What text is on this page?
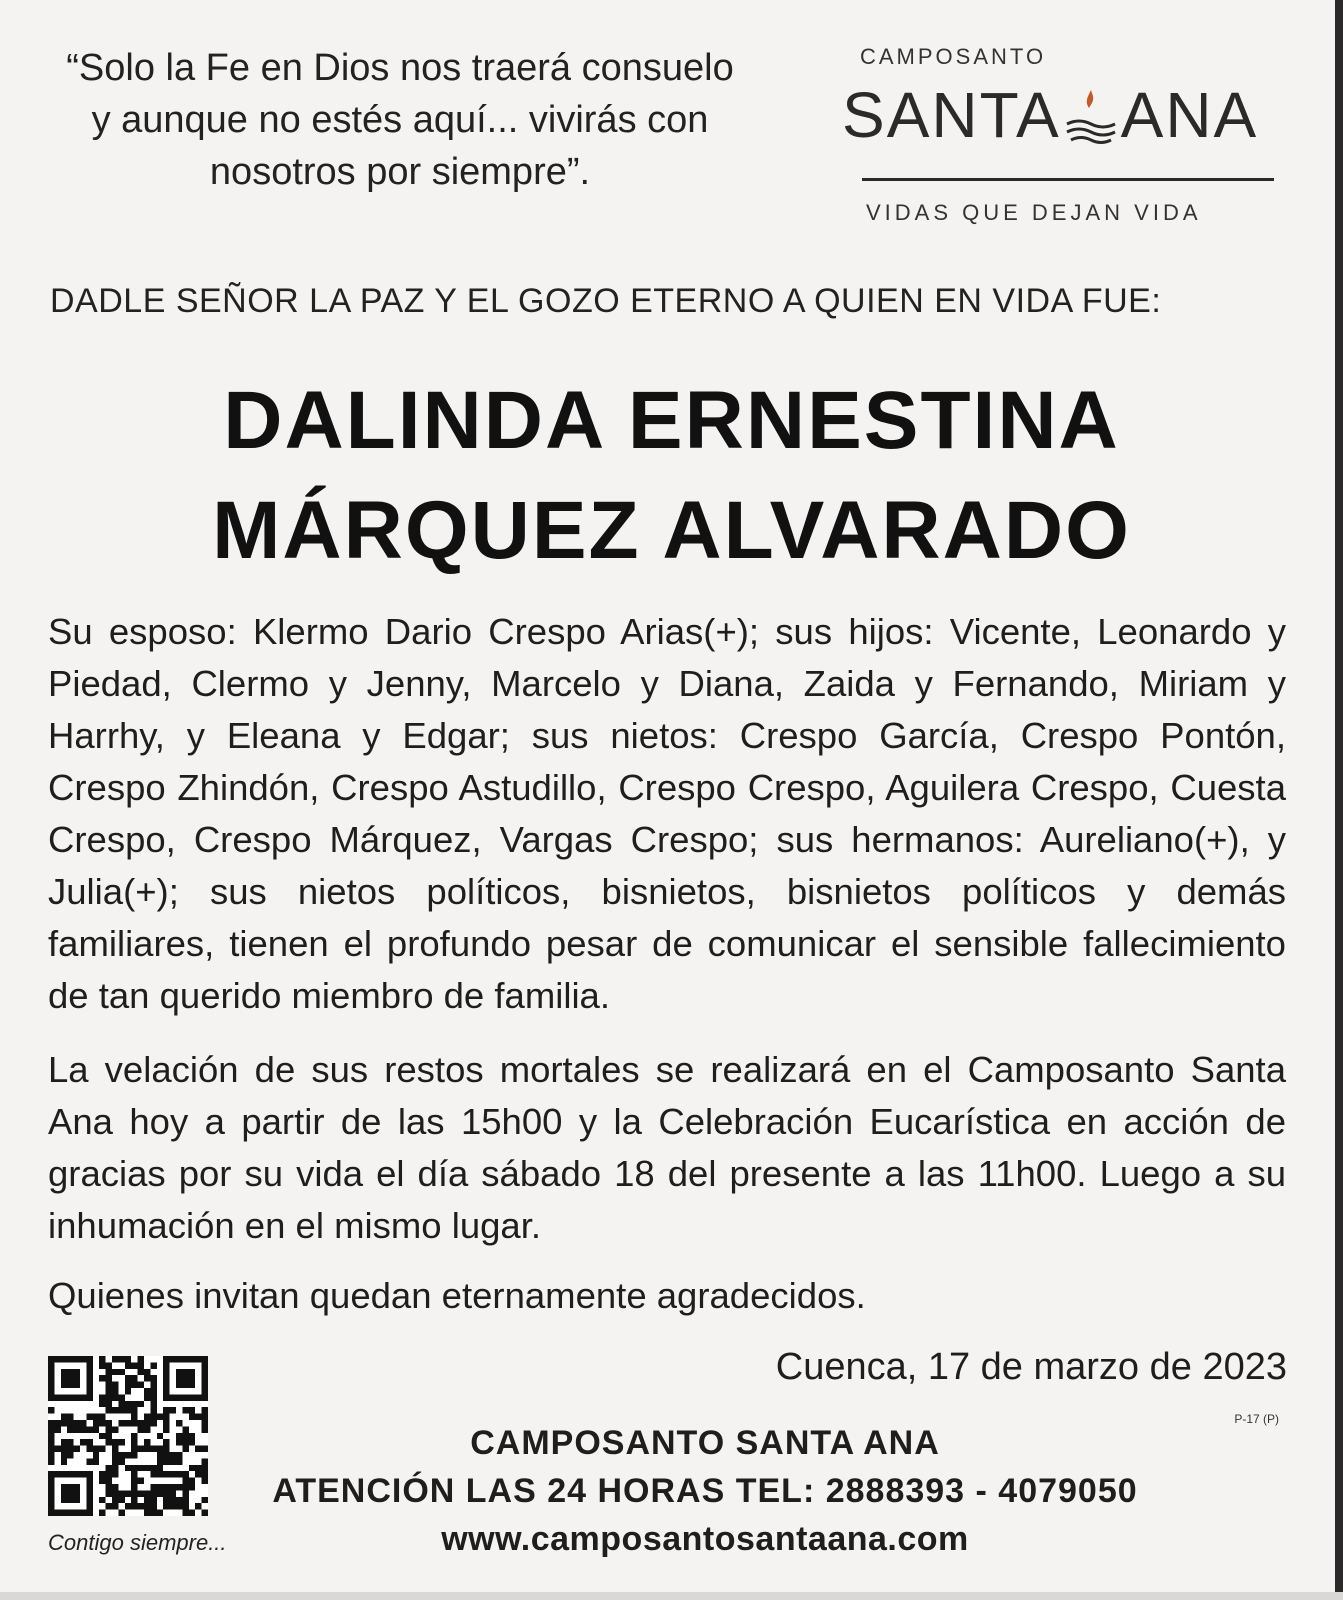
“Solo la Fe en Dios nos traerá consuelo
y aunque no estés aquí... vivirás con
nosotros por siempre”.
CAMPOSANTO
SANTA ANA
VIDAS QUE DEJAN VIDA
DADLE SEÑOR LA PAZ Y EL GOZO ETERNO A QUIEN EN VIDA FUE:
DALINDA ERNESTINA
MÁRQUEZ ALVARADO
Su esposo: Klermo Dario Crespo Arias(+); sus hijos: Vicente, Leonardo y Piedad, Clermo y Jenny, Marcelo y Diana, Zaida y Fernando, Miriam y Harrhy, y Eleana y Edgar; sus nietos: Crespo García, Crespo Pontón, Crespo Zhindón, Crespo Astudillo, Crespo Crespo, Aguilera Crespo, Cuesta Crespo, Crespo Márquez, Vargas Crespo; sus hermanos: Aureliano(+), y Julia(+); sus nietos políticos, bisnietos, bisnietos políticos y demás familiares, tienen el profundo pesar de comunicar el sensible fallecimiento de tan querido miembro de familia.
La velación de sus restos mortales se realizará en el Camposanto Santa Ana hoy a partir de las 15h00 y la Celebración Eucarística en acción de gracias por su vida el día sábado 18 del presente a las 11h00. Luego a su inhumación en el mismo lugar.
Quienes invitan quedan eternamente agradecidos.
Contigo siempre...
Cuenca, 17 de marzo de 2023
P-17 (P)
CAMPOSANTO SANTA ANA
ATENCIÓN LAS 24 HORAS TEL: 2888393 - 4079050
www.camposantosantaana.com
